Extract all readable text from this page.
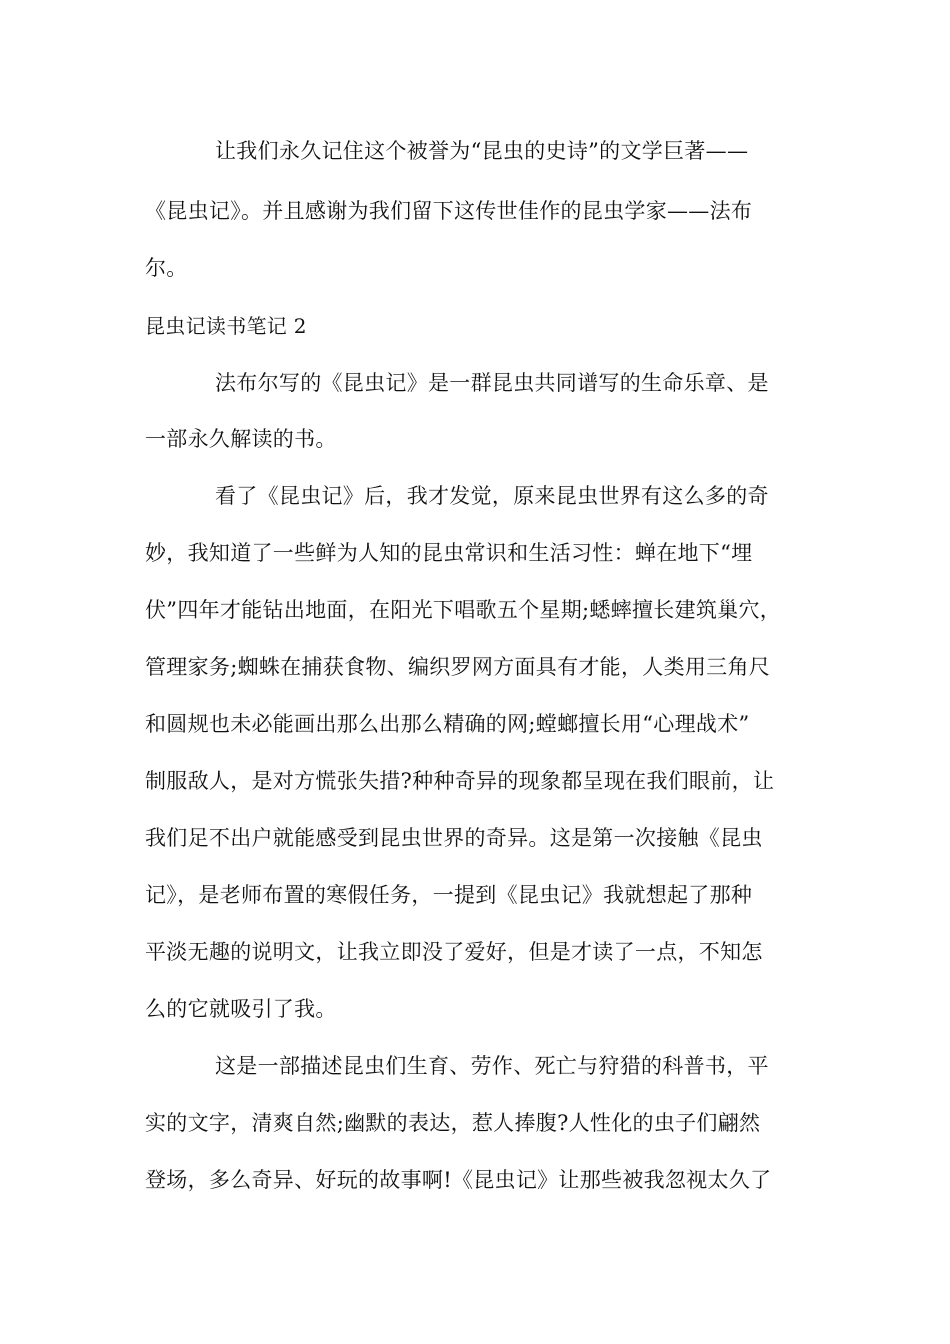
让我们永久记住这个被誉为“昆虫的史诗”的文学巨著——
《昆虫记》。并且感谢为我们留下这传世佳作的昆虫学家——法布
尔。
昆虫记读书笔记 2
法布尔写的《昆虫记》是一群昆虫共同谱写的生命乐章、是
一部永久解读的书。
看了《昆虫记》后，我才发觉，原来昆虫世界有这么多的奇
妙，我知道了一些鲜为人知的昆虫常识和生活习性：蝉在地下“埋
伏”四年才能钻出地面，在阳光下唱歌五个星期;蟋蟀擅长建筑巢穴，
管理家务;蜘蛛在捕获食物、编织罗网方面具有才能，人类用三角尺
和圆规也未必能画出那么出那么精确的网;螳螂擅长用“心理战术”
制服敌人，是对方慌张失措?种种奇异的现象都呈现在我们眼前，让
我们足不出户就能感受到昆虫世界的奇异。这是第一次接触《昆虫
记》，是老师布置的寒假任务，一提到《昆虫记》我就想起了那种
平淡无趣的说明文，让我立即没了爱好，但是才读了一点，不知怎
么的它就吸引了我。
这是一部描述昆虫们生育、劳作、死亡与狩猎的科普书，平
实的文字，清爽自然;幽默的表达，惹人捧腹?人性化的虫子们翩然
登场，多么奇异、好玩的故事啊!《昆虫记》让那些被我忽视太久了
